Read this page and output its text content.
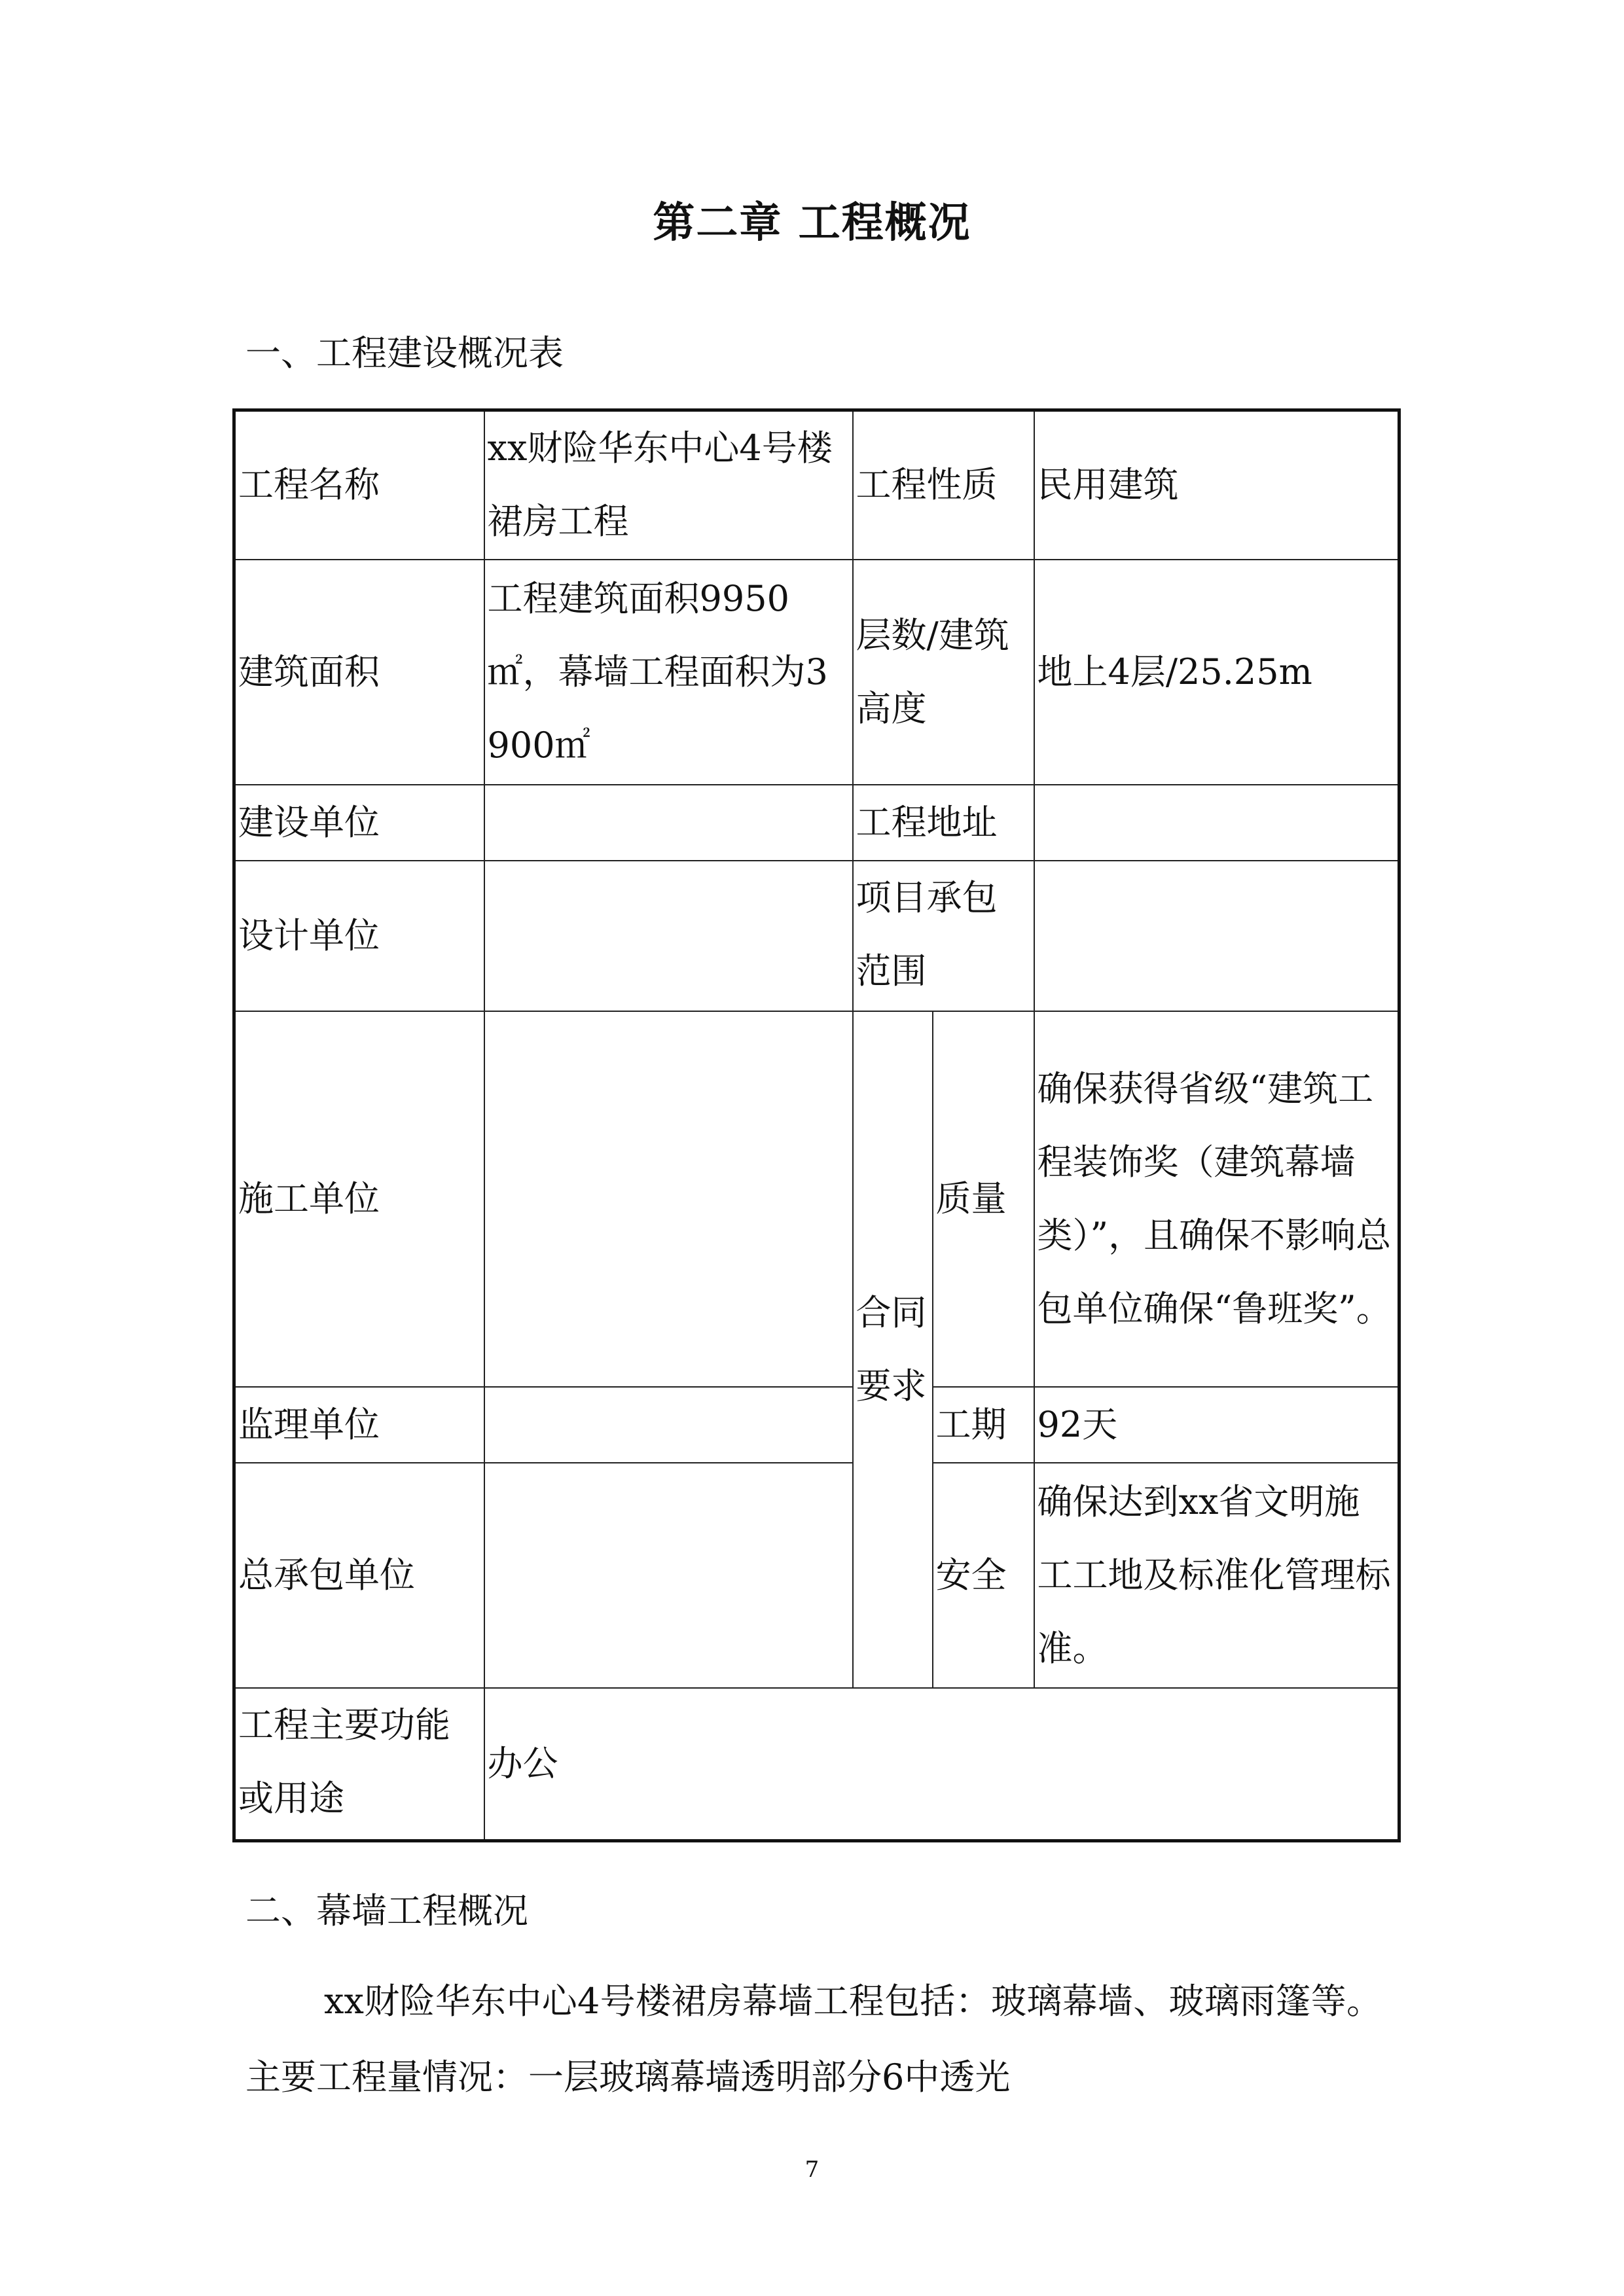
第二章 工程概况
一、工程建设概况表
工程名称	xx财险华东中心4号楼裙房工程	工程性质		民用建筑
建筑面积	工程建筑面积9950㎡，幕墙工程面积为3900㎡	层数/建筑高度		地上4层/25.25m
建设单位		工程地址		
设计单位		项目承包范围		
施工单位		合同要求	质量	确保获得省级“建筑工程装饰奖（建筑幕墙类）”，且确保不影响总包单位确保“鲁班奖”。
监理单位			工期	92天
总承包单位			安全	确保达到xx省文明施工工地及标准化管理标准。
工程主要功能或用途	办公			
二、幕墙工程概况
xx财险华东中心4号楼裙房幕墙工程包括：玻璃幕墙、玻璃雨篷等。主要工程量情况：一层玻璃幕墙透明部分6中透光
7
